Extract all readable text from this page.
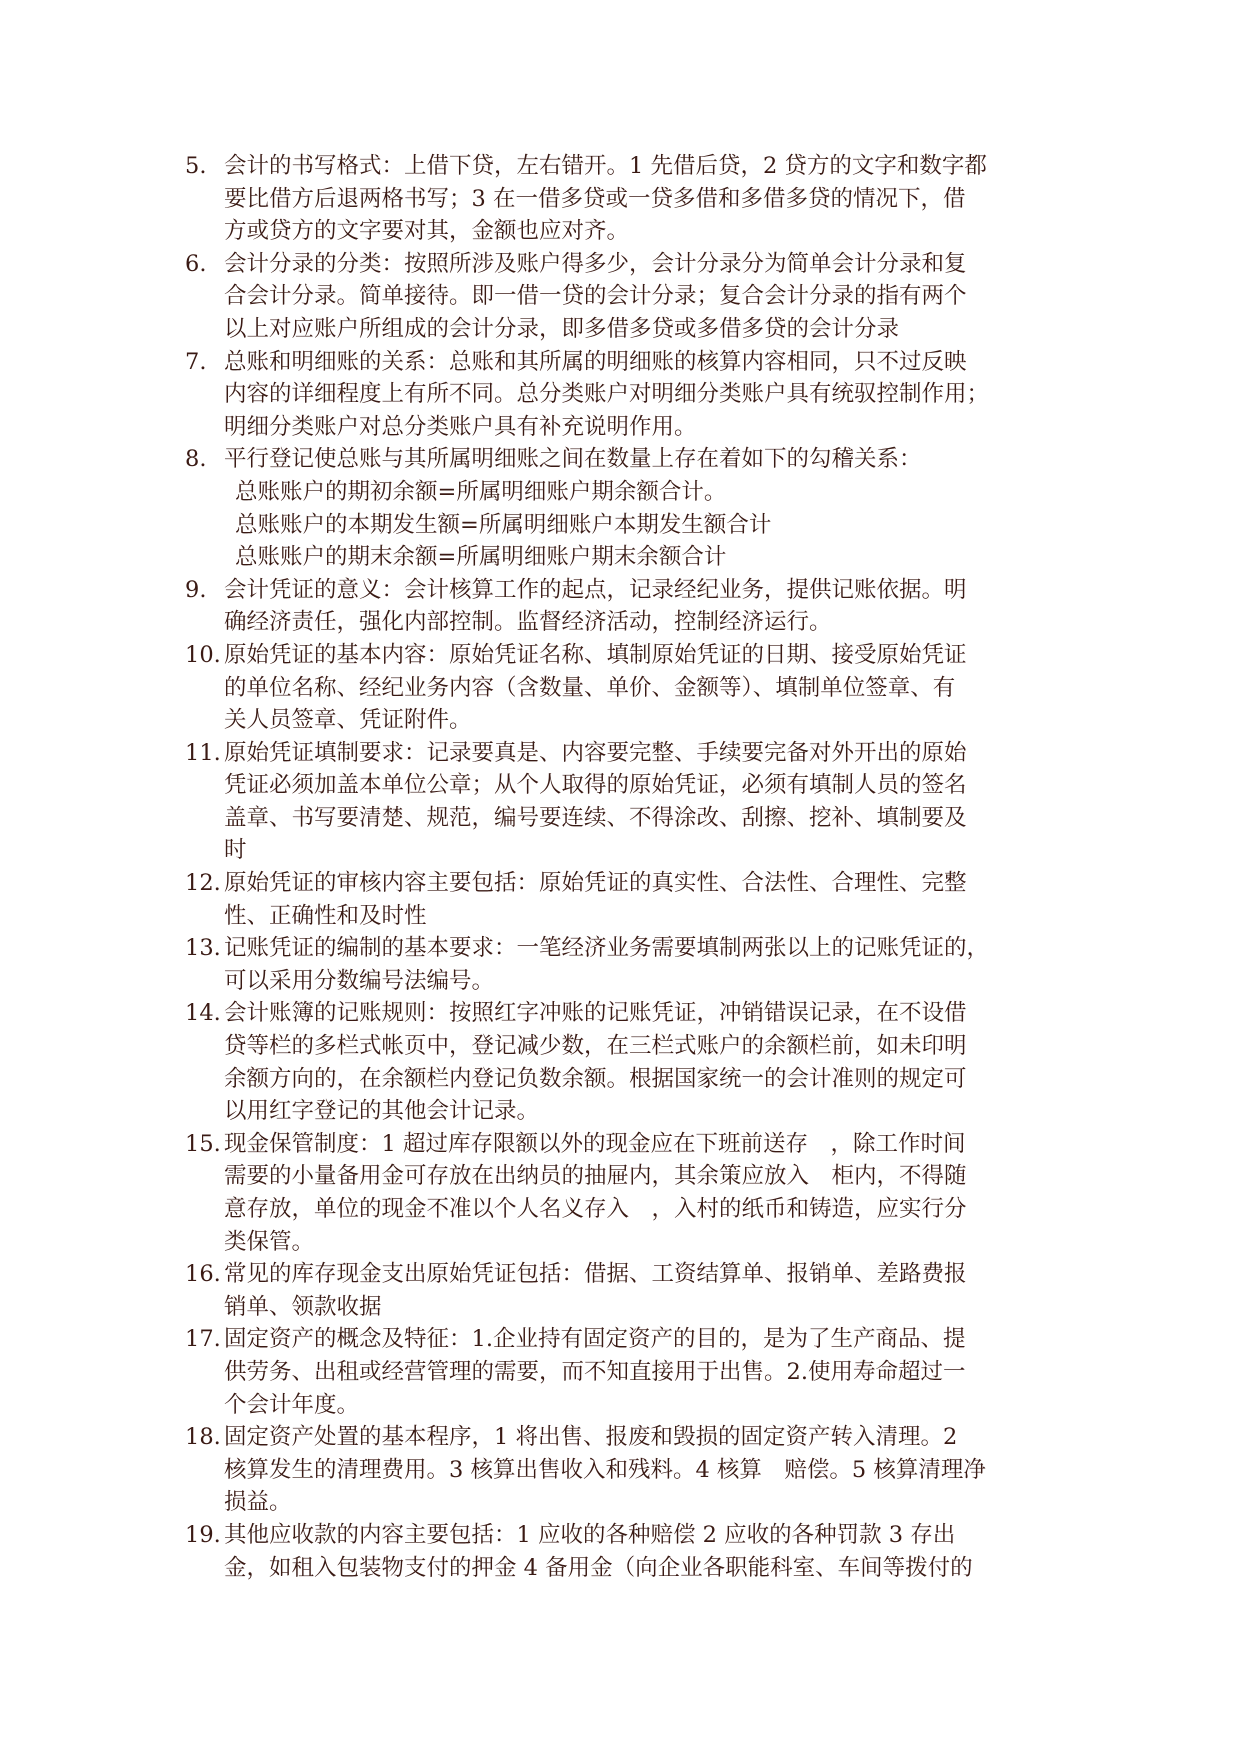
5. 会计的书写格式：上借下贷，左右错开。1 先借后贷，2 贷方的文字和数字都
要比借方后退两格书写；3 在一借多贷或一贷多借和多借多贷的情况下，借
方或贷方的文字要对其，金额也应对齐。
6. 会计分录的分类：按照所涉及账户得多少，会计分录分为简单会计分录和复
合会计分录。简单接待。即一借一贷的会计分录；复合会计分录的指有两个
以上对应账户所组成的会计分录，即多借多贷或多借多贷的会计分录
7. 总账和明细账的关系：总账和其所属的明细账的核算内容相同，只不过反映
内容的详细程度上有所不同。总分类账户对明细分类账户具有统驭控制作用；
明细分类账户对总分类账户具有补充说明作用。
8. 平行登记使总账与其所属明细账之间在数量上存在着如下的勾稽关系：
总账账户的期初余额=所属明细账户期余额合计。
总账账户的本期发生额=所属明细账户本期发生额合计
总账账户的期末余额=所属明细账户期末余额合计
9. 会计凭证的意义：会计核算工作的起点，记录经纪业务，提供记账依据。明
确经济责任，强化内部控制。监督经济活动，控制经济运行。
10. 原始凭证的基本内容：原始凭证名称、填制原始凭证的日期、接受原始凭证
的单位名称、经纪业务内容（含数量、单价、金额等）、填制单位签章、有
关人员签章、凭证附件。
11. 原始凭证填制要求：记录要真是、内容要完整、手续要完备对外开出的原始
凭证必须加盖本单位公章；从个人取得的原始凭证，必须有填制人员的签名
盖章、书写要清楚、规范，编号要连续、不得涂改、刮擦、挖补、填制要及
时
12. 原始凭证的审核内容主要包括：原始凭证的真实性、合法性、合理性、完整
性、正确性和及时性
13. 记账凭证的编制的基本要求：一笔经济业务需要填制两张以上的记账凭证的，
可以采用分数编号法编号。
14. 会计账簿的记账规则：按照红字冲账的记账凭证，冲销错误记录，在不设借
贷等栏的多栏式帐页中，登记减少数，在三栏式账户的余额栏前，如未印明
余额方向的，在余额栏内登记负数余额。根据国家统一的会计准则的规定可
以用红字登记的其他会计记录。
15. 现金保管制度：1 超过库存限额以外的现金应在下班前送存　，除工作时间
需要的小量备用金可存放在出纳员的抽屉内，其余策应放入　柜内，不得随
意存放，单位的现金不准以个人名义存入　，入村的纸币和铸造，应实行分
类保管。
16. 常见的库存现金支出原始凭证包括：借据、工资结算单、报销单、差路费报
销单、领款收据
17. 固定资产的概念及特征：1.企业持有固定资产的目的，是为了生产商品、提
供劳务、出租或经营管理的需要，而不知直接用于出售。2.使用寿命超过一
个会计年度。
18. 固定资产处置的基本程序，1 将出售、报废和毁损的固定资产转入清理。2
核算发生的清理费用。3 核算出售收入和残料。4 核算　赔偿。5 核算清理净
损益。
19. 其他应收款的内容主要包括：1 应收的各种赔偿 2 应收的各种罚款 3 存出
金，如租入包装物支付的押金 4 备用金（向企业各职能科室、车间等拨付的
